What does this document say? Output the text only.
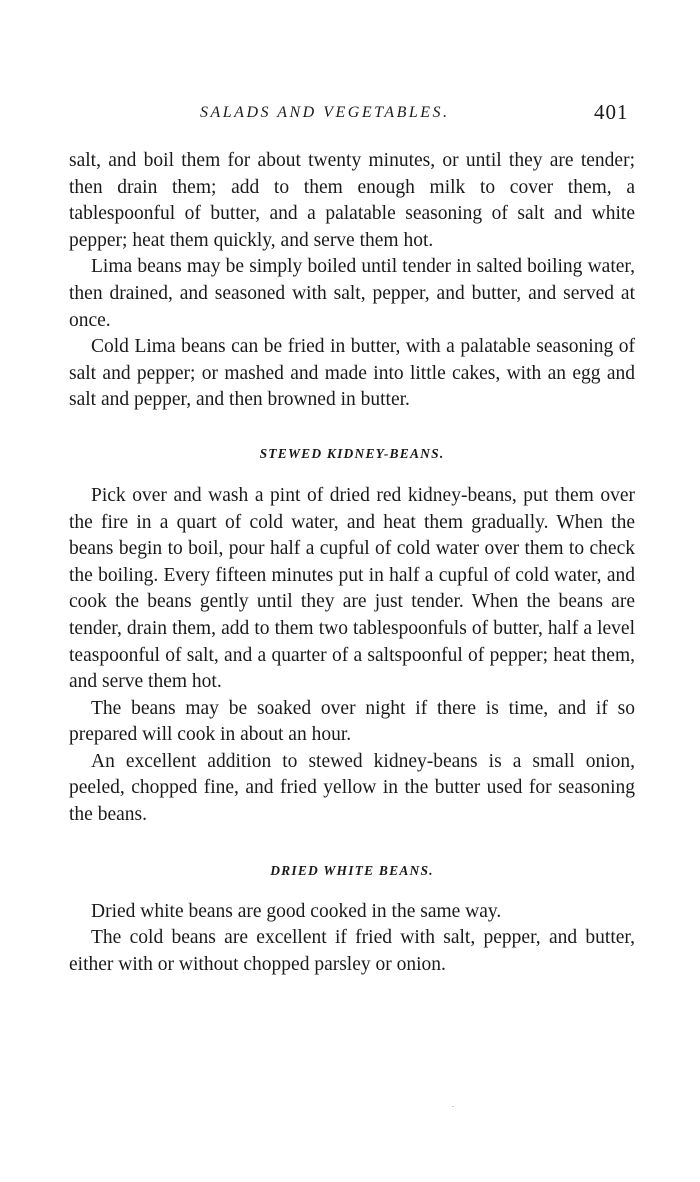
SALADS AND VEGETABLES.	401

salt, and boil them for about twenty minutes, or until they are tender; then drain them; add to them enough milk to cover them, a tablespoonful of butter, and a palatable seasoning of salt and white pepper; heat them quickly, and serve them hot.

Lima beans may be simply boiled until tender in salted boiling water, then drained, and seasoned with salt, pepper, and butter, and served at once.

Cold Lima beans can be fried in butter, with a palatable seasoning of salt and pepper; or mashed and made into little cakes, with an egg and salt and pepper, and then browned in butter.

STEWED KIDNEY-BEANS.

Pick over and wash a pint of dried red kidney-beans, put them over the fire in a quart of cold water, and heat them gradually. When the beans begin to boil, pour half a cupful of cold water over them to check the boiling. Every fifteen minutes put in half a cupful of cold water, and cook the beans gently until they are just tender. When the beans are tender, drain them, add to them two tablespoonfuls of butter, half a level teaspoonful of salt, and a quarter of a saltspoonful of pepper; heat them, and serve them hot.

The beans may be soaked over night if there is time, and if so prepared will cook in about an hour.

An excellent addition to stewed kidney-beans is a small onion, peeled, chopped fine, and fried yellow in the butter used for seasoning the beans.

DRIED WHITE BEANS.

Dried white beans are good cooked in the same way.

The cold beans are excellent if fried with salt, pepper, and butter, either with or without chopped parsley or onion.
